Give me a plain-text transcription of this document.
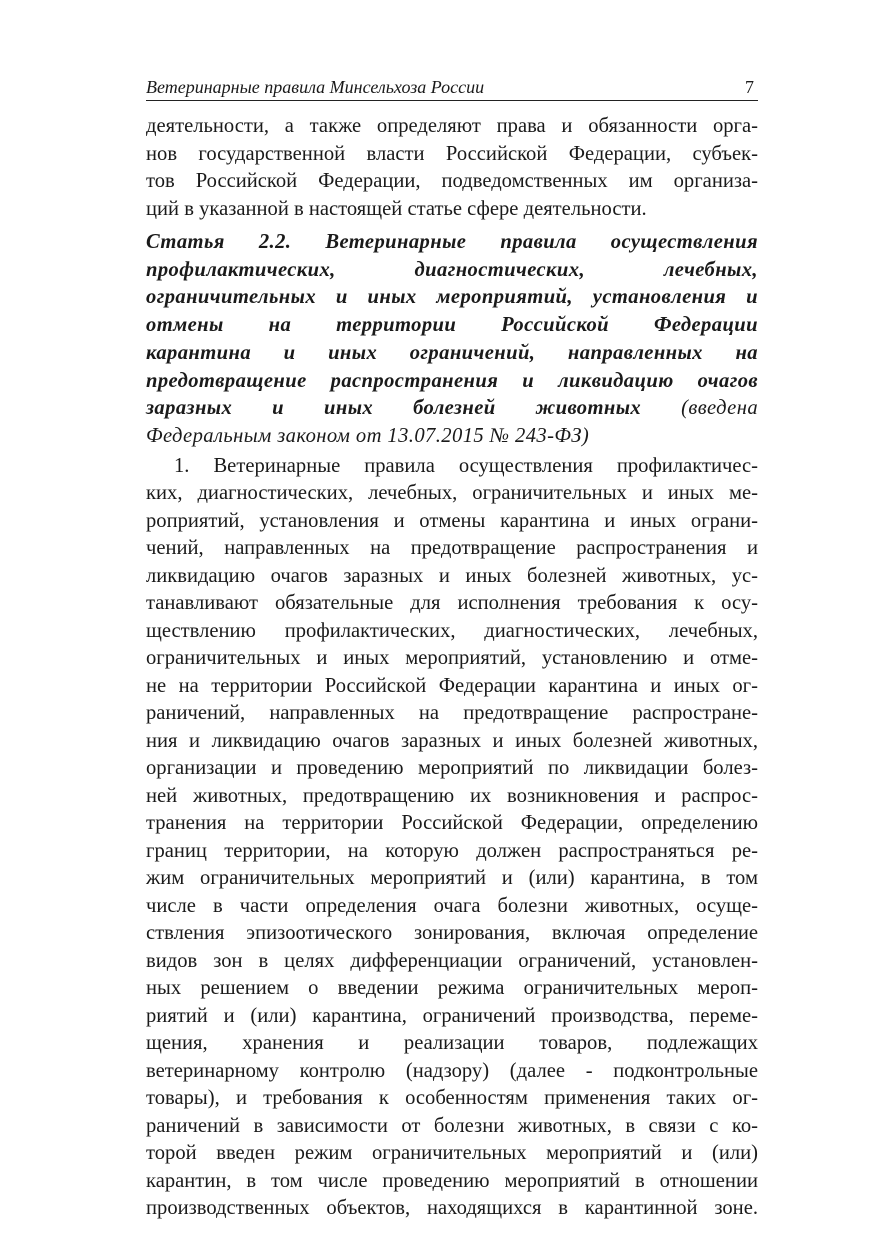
Ветеринарные правила Минсельхоза России	7
деятельности, а также определяют права и обязанности орга-
нов государственной власти Российской Федерации, субъек-
тов Российской Федерации, подведомственных им организа-
ций в указанной в настоящей статье сфере деятельности.
Статья 2.2. Ветеринарные правила осуществления
профилактических, диагностических, лечебных,
ограничительных и иных мероприятий, установления и
отмены на территории Российской Федерации
карантина и иных ограничений, направленных на
предотвращение распространения и ликвидацию очагов
заразных и иных болезней животных (введена
Федеральным законом от 13.07.2015 № 243-ФЗ)
1. Ветеринарные правила осуществления профилактичес-
ких, диагностических, лечебных, ограничительных и иных ме-
роприятий, установления и отмены карантина и иных ограни-
чений, направленных на предотвращение распространения и
ликвидацию очагов заразных и иных болезней животных, ус-
танавливают обязательные для исполнения требования к осу-
ществлению профилактических, диагностических, лечебных,
ограничительных и иных мероприятий, установлению и отме-
не на территории Российской Федерации карантина и иных ог-
раничений, направленных на предотвращение распростране-
ния и ликвидацию очагов заразных и иных болезней животных,
организации и проведению мероприятий по ликвидации болез-
ней животных, предотвращению их возникновения и распрос-
транения на территории Российской Федерации, определению
границ территории, на которую должен распространяться ре-
жим ограничительных мероприятий и (или) карантина, в том
числе в части определения очага болезни животных, осуще-
ствления эпизоотического зонирования, включая определение
видов зон в целях дифференциации ограничений, установлен-
ных решением о введении режима ограничительных мероп-
риятий и (или) карантина, ограничений производства, переме-
щения, хранения и реализации товаров, подлежащих
ветеринарному контролю (надзору) (далее - подконтрольные
товары), и требования к особенностям применения таких ог-
раничений в зависимости от болезни животных, в связи с ко-
торой введен режим ограничительных мероприятий и (или)
карантин, в том числе проведению мероприятий в отношении
производственных объектов, находящихся в карантинной зоне.
